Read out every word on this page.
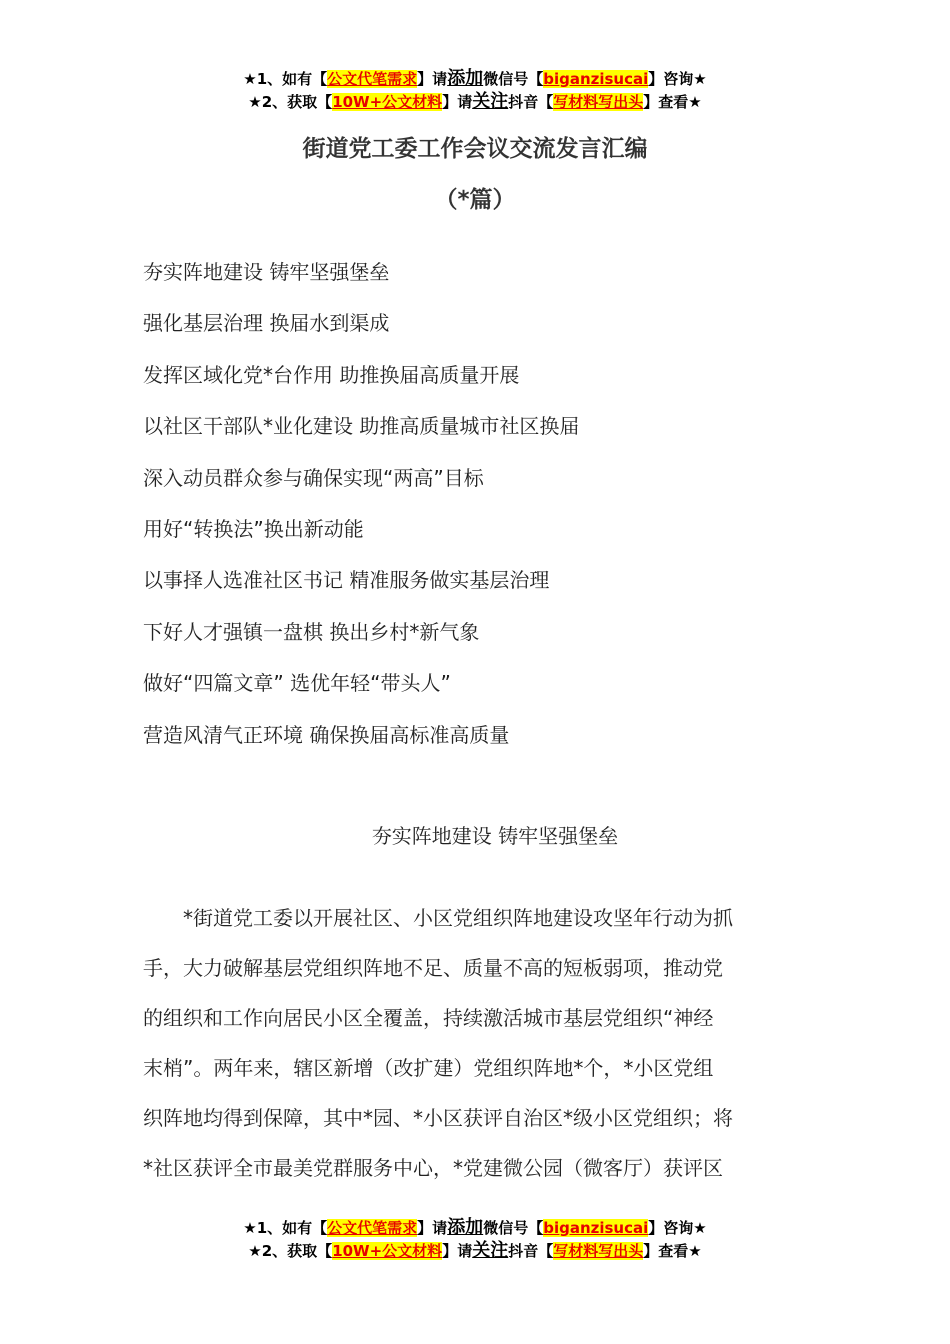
★1、如有【公文代笔需求】请添加微信号【biganzisucai】咨询★
★2、获取【10W+公文材料】请关注抖音【写材料写出头】查看★
街道党工委工作会议交流发言汇编
（*篇）
夯实阵地建设 铸牢坚强堡垒
强化基层治理 换届水到渠成
发挥区域化党*台作用 助推换届高质量开展
以社区干部队*业化建设 助推高质量城市社区换届
深入动员群众参与确保实现“两高”目标
用好“转换法”换出新动能
以事择人选准社区书记 精准服务做实基层治理
下好人才强镇一盘棋 换出乡村*新气象
做好“四篇文章” 选优年轻“带头人”
营造风清气正环境 确保换届高标准高质量
夯实阵地建设 铸牢坚强堡垒

　　*街道党工委以开展社区、小区党组织阵地建设攻坚年行动为抓
手，大力破解基层党组织阵地不足、质量不高的短板弱项，推动党
的组织和工作向居民小区全覆盖，持续激活城市基层党组织“神经
末梢”。两年来，辖区新增（改扩建）党组织阵地*个，*小区党组
织阵地均得到保障，其中*园、*小区获评自治区*级小区党组织；将
*社区获评全市最美党群服务中心，*党建微公园（微客厅）获评区

★1、如有【公文代笔需求】请添加微信号【biganzisucai】咨询★
★2、获取【10W+公文材料】请关注抖音【写材料写出头】查看★
